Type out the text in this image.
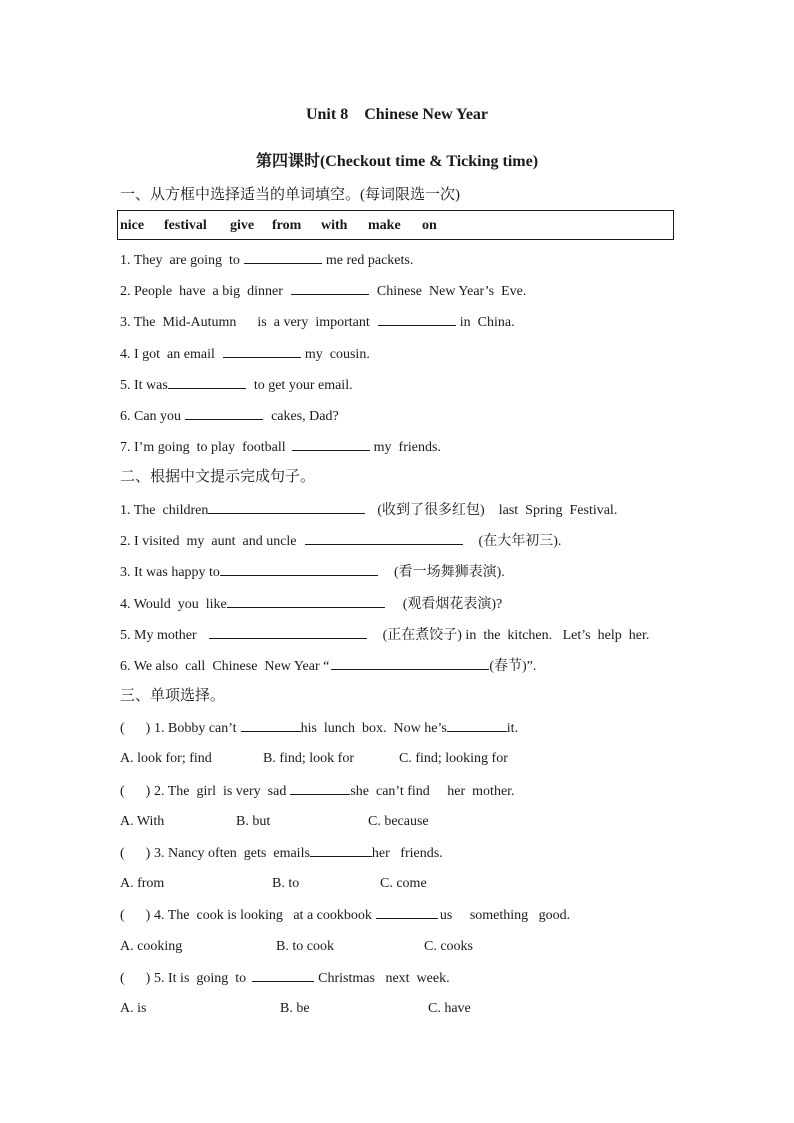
Unit 8    Chinese New Year
第四课时(Checkout time & Ticking time)
一、从方框中选择适当的单词填空。(每词限选一次)
nice festival give from with make on
1. They  are going  to	me red packets.
2. People  have  a big  dinner	Chinese  New Year’s  Eve.
3. The  Mid-Autumn      is  a very  important	in  China.
4. I got  an email	my  cousin.
5. It was	to get your email.
6. Can you	cakes, Dad?
7. I’m going  to play  football	my  friends.
二、根据中文提示完成句子。
1. The  children	(收到了很多红包)    last  Spring  Festival.
2. I visited  my  aunt  and uncle	(在大年初三).
3. It was happy to	(看一场舞狮表演).
4. Would  you  like	(观看烟花表演)?
5. My mother	(正在煮饺子) in  the  kitchen.   Let’s  help  her.
6. We also  call  Chinese  New Year “	(春节)”.
三、单项选择。
(      ) 1. Bobby can’t	his  lunch  box.  Now he’s	it.
A. look for; find	B. find; look for	C. find; looking for
(      ) 2. The  girl  is very  sad	she  can’t find     her  mother.
A. With	B. but	C. because
(      ) 3. Nancy often  gets  emails	her   friends.
A. from	B. to	C. come
(      ) 4. The  cook is looking   at a cookbook	us     something   good.
A. cooking	B. to cook	C. cooks
(      ) 5. It is  going  to	Christmas   next  week.
A. is	B. be	C. have
